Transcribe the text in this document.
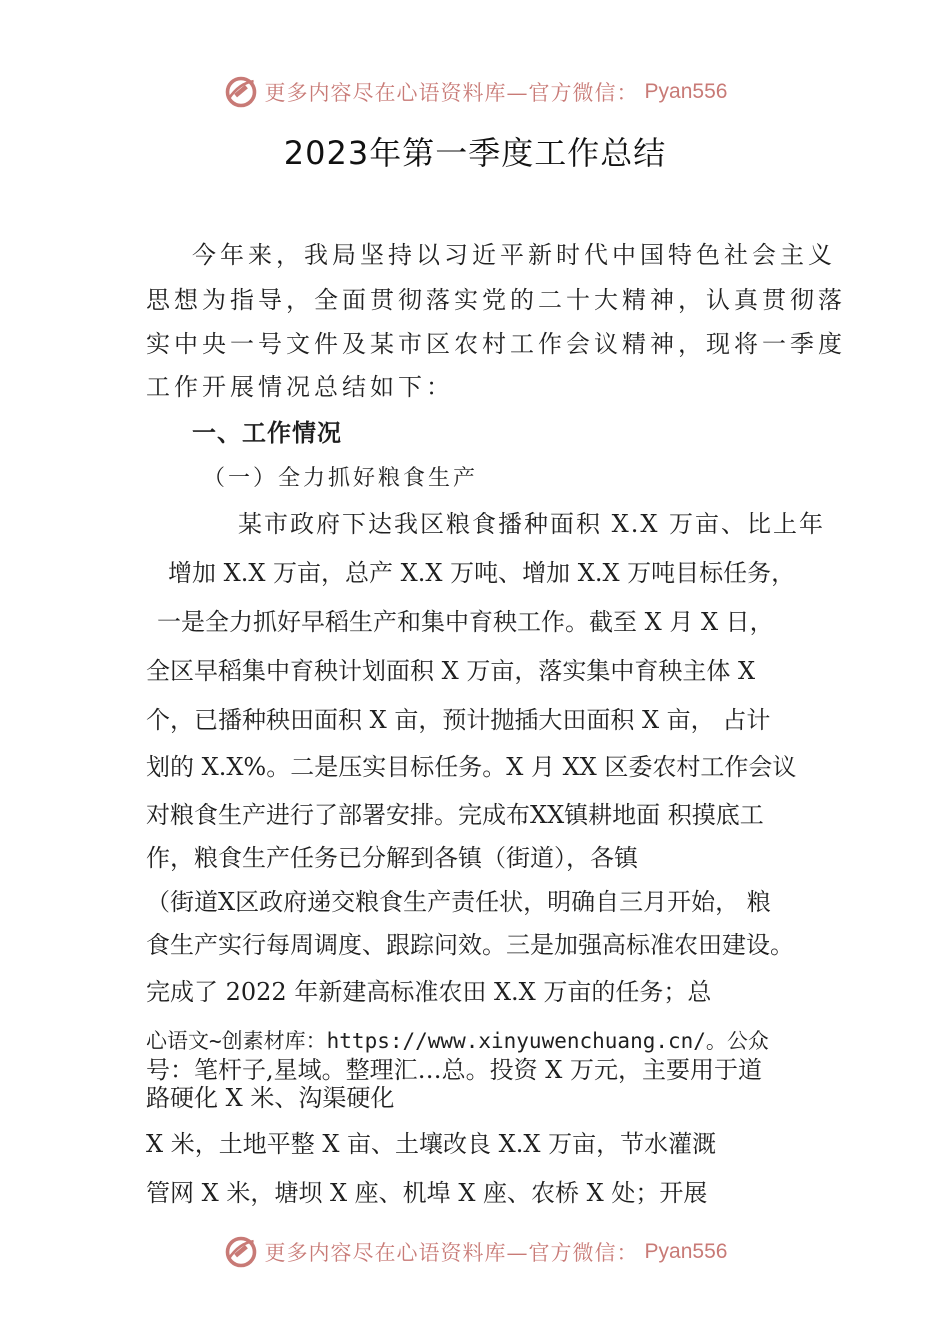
更多内容尽在心语资料库—官方微信： Pyan556
2023年第一季度工作总结
今年来，我局坚持以习近平新时代中国特色社会主义
思想为指导，全面贯彻落实党的二十大精神，认真贯彻落
实中央一号文件及某市区农村工作会议精神，现将一季度
工作开展情况总结如下：
一、工作情况
（一）全力抓好粮食生产
某市政府下达我区粮食播种面积 X.X 万亩、比上年
增加 X.X 万亩，总产 X.X 万吨、增加 X.X 万吨目标任务，
一是全力抓好早稻生产和集中育秧工作。截至 X 月 X 日，
全区早稻集中育秧计划面积 X 万亩，落实集中育秧主体 X
个，已播种秧田面积 X 亩，预计抛插大田面积 X 亩， 占计
划的 X.X%。二是压实目标任务。X 月 XX 区委农村工作会议
对粮食生产进行了部署安排。完成布XX镇耕地面 积摸底工
作，粮食生产任务已分解到各镇（街道），各镇
（街道X区政府递交粮食生产责任状，明确自三月开始， 粮
食生产实行每周调度、跟踪问效。三是加强高标准农田建设。
完成了 2022 年新建高标准农田 X.X 万亩的任务；总
心语文~创素材库：https://www.xinyuwenchuang.cn/。公众
号：笔杆子,星域。整理汇…总。投资 X 万元，主要用于道
路硬化 X 米、沟渠硬化
X 米，土地平整 X 亩、土壤改良 X.X 万亩，节水灌溉
管网 X 米，塘坝 X 座、机埠 X 座、农桥 X 处；开展
更多内容尽在心语资料库—官方微信： Pyan556
